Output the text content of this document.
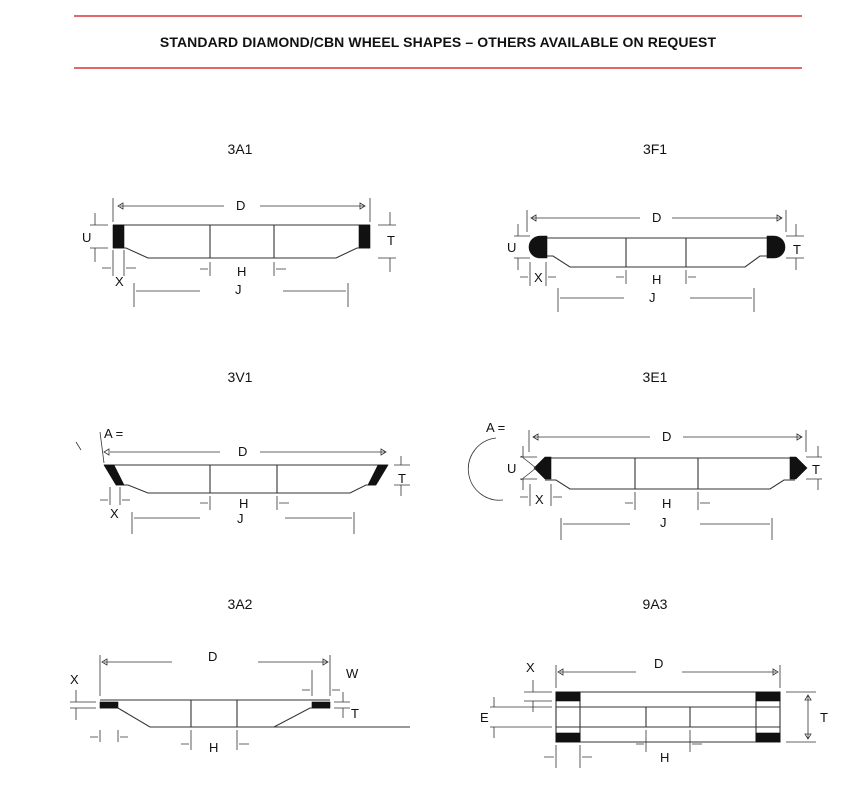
STANDARD DIAMOND/CBN WHEEL SHAPES – OTHERS AVAILABLE ON REQUEST
3A1	3F1
3V1	3E1
3A2	9A3
D
U	T
X
H
J
D
U	T
X	H
J
A =
D
T
X
H
J
A =
D
U	T
X	H
J
D
X	W
T
H
X	D
E	T
H
